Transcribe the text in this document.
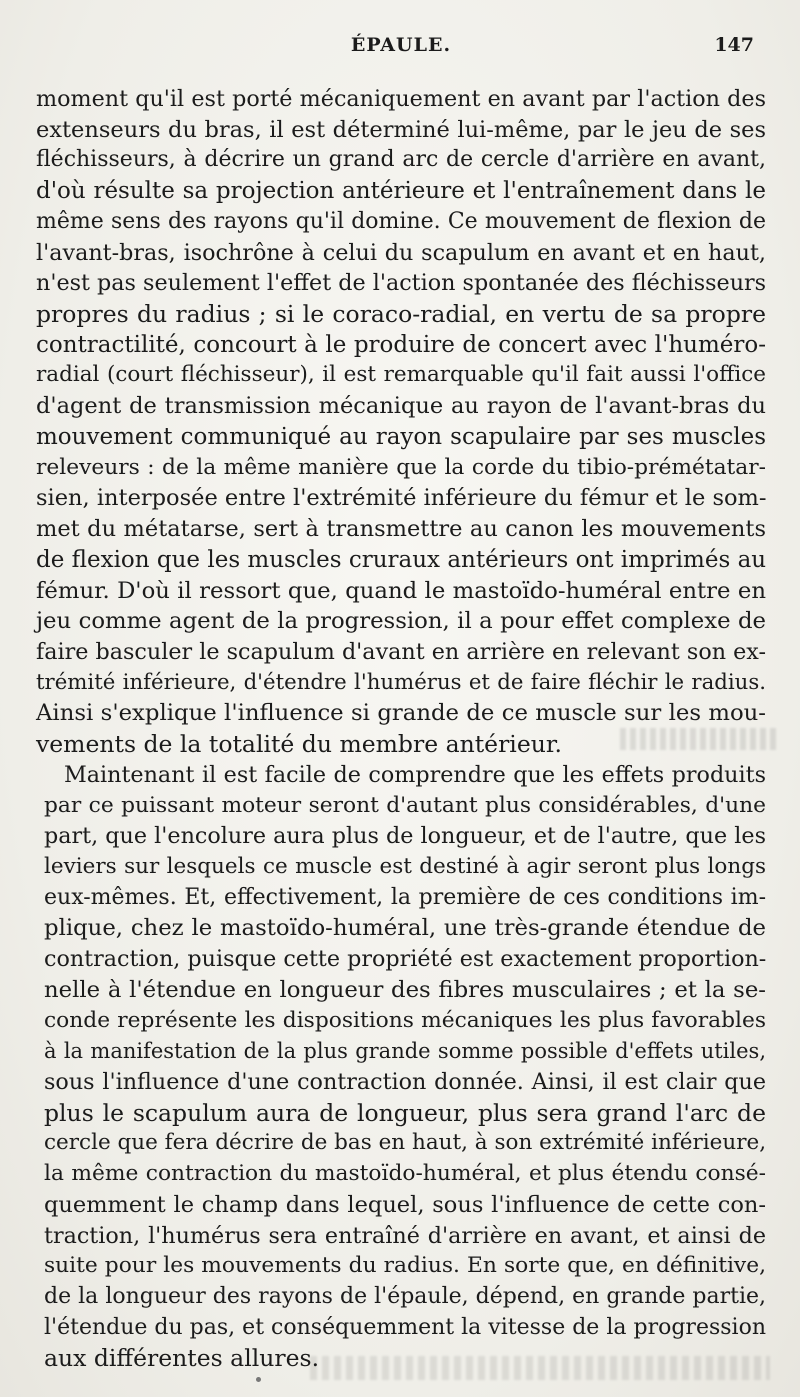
ÉPAULE.	147
moment qu'il est porté mécaniquement en avant par l'action des
extenseurs du bras, il est déterminé lui-même, par le jeu de ses
fléchisseurs, à décrire un grand arc de cercle d'arrière en avant,
d'où résulte sa projection antérieure et l'entraînement dans le
même sens des rayons qu'il domine. Ce mouvement de flexion de
l'avant-bras, isochrône à celui du scapulum en avant et en haut,
n'est pas seulement l'effet de l'action spontanée des fléchisseurs
propres du radius ; si le coraco-radial, en vertu de sa propre
contractilité, concourt à le produire de concert avec l'huméro-
radial (court fléchisseur), il est remarquable qu'il fait aussi l'office
d'agent de transmission mécanique au rayon de l'avant-bras du
mouvement communiqué au rayon scapulaire par ses muscles
releveurs : de la même manière que la corde du tibio-prémétatar-
sien, interposée entre l'extrémité inférieure du fémur et le som-
met du métatarse, sert à transmettre au canon les mouvements
de flexion que les muscles cruraux antérieurs ont imprimés au
fémur. D'où il ressort que, quand le mastoïdo-huméral entre en
jeu comme agent de la progression, il a pour effet complexe de
faire basculer le scapulum d'avant en arrière en relevant son ex-
trémité inférieure, d'étendre l'humérus et de faire fléchir le radius.
Ainsi s'explique l'influence si grande de ce muscle sur les mou-
vements de la totalité du membre antérieur.
Maintenant il est facile de comprendre que les effets produits
par ce puissant moteur seront d'autant plus considérables, d'une
part, que l'encolure aura plus de longueur, et de l'autre, que les
leviers sur lesquels ce muscle est destiné à agir seront plus longs
eux-mêmes. Et, effectivement, la première de ces conditions im-
plique, chez le mastoïdo-huméral, une très-grande étendue de
contraction, puisque cette propriété est exactement proportion-
nelle à l'étendue en longueur des fibres musculaires ; et la se-
conde représente les dispositions mécaniques les plus favorables
à la manifestation de la plus grande somme possible d'effets utiles,
sous l'influence d'une contraction donnée. Ainsi, il est clair que
plus le scapulum aura de longueur, plus sera grand l'arc de
cercle que fera décrire de bas en haut, à son extrémité inférieure,
la même contraction du mastoïdo-huméral, et plus étendu consé-
quemment le champ dans lequel, sous l'influence de cette con-
traction, l'humérus sera entraîné d'arrière en avant, et ainsi de
suite pour les mouvements du radius. En sorte que, en définitive,
de la longueur des rayons de l'épaule, dépend, en grande partie,
l'étendue du pas, et conséquemment la vitesse de la progression
aux différentes allures.
